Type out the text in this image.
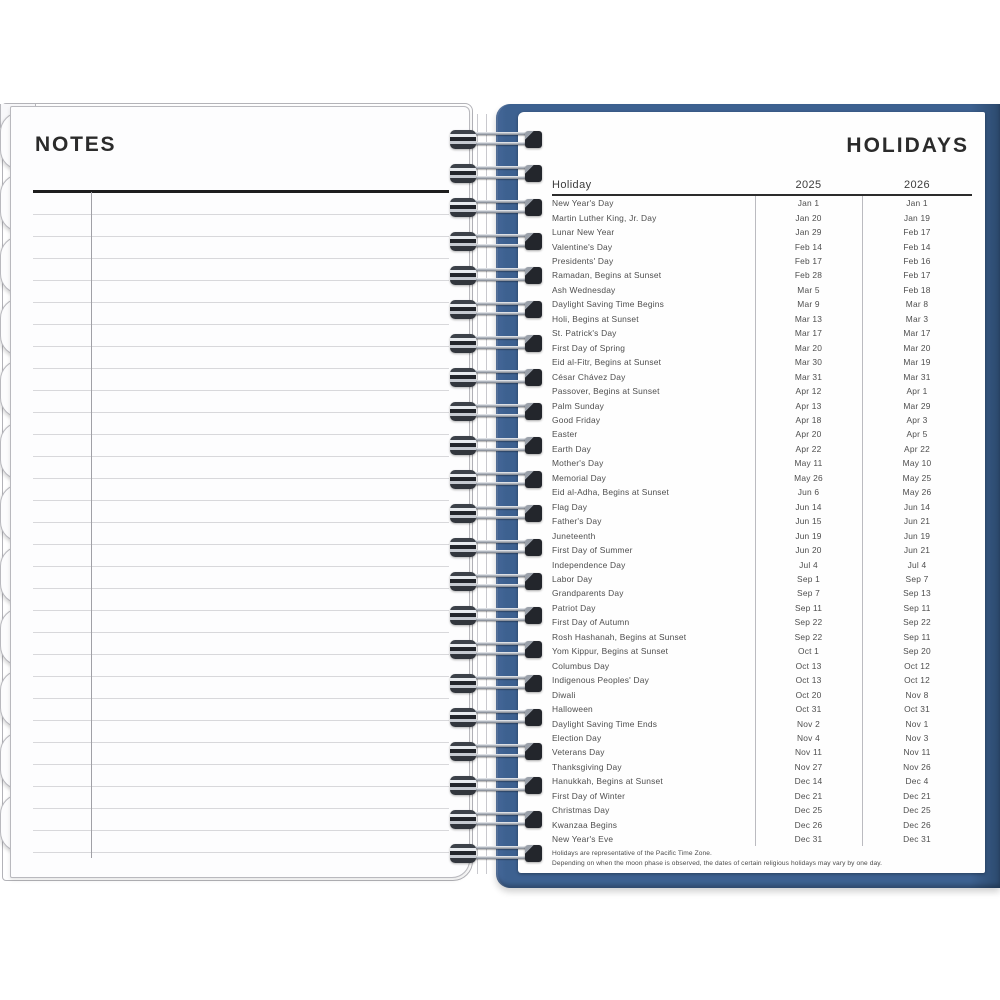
NOTES	HOLIDAYS
Holiday	2025	2026
New Year's Day	Jan 1	Jan 1
Martin Luther King, Jr. Day	Jan 20	Jan 19
Lunar New Year	Jan 29	Feb 17
Valentine's Day	Feb 14	Feb 14
Presidents' Day	Feb 17	Feb 16
Ramadan, Begins at Sunset	Feb 28	Feb 17
Ash Wednesday	Mar 5	Feb 18
Daylight Saving Time Begins	Mar 9	Mar 8
Holi, Begins at Sunset	Mar 13	Mar 3
St. Patrick's Day	Mar 17	Mar 17
First Day of Spring	Mar 20	Mar 20
Eid al-Fitr, Begins at Sunset	Mar 30	Mar 19
César Chávez Day	Mar 31	Mar 31
Passover, Begins at Sunset	Apr 12	Apr 1
Palm Sunday	Apr 13	Mar 29
Good Friday	Apr 18	Apr 3
Easter	Apr 20	Apr 5
Earth Day	Apr 22	Apr 22
Mother's Day	May 11	May 10
Memorial Day	May 26	May 25
Eid al-Adha, Begins at Sunset	Jun 6	May 26
Flag Day	Jun 14	Jun 14
Father's Day	Jun 15	Jun 21
Juneteenth	Jun 19	Jun 19
First Day of Summer	Jun 20	Jun 21
Independence Day	Jul 4	Jul 4
Labor Day	Sep 1	Sep 7
Grandparents Day	Sep 7	Sep 13
Patriot Day	Sep 11	Sep 11
First Day of Autumn	Sep 22	Sep 22
Rosh Hashanah, Begins at Sunset	Sep 22	Sep 11
Yom Kippur, Begins at Sunset	Oct 1	Sep 20
Columbus Day	Oct 13	Oct 12
Indigenous Peoples' Day	Oct 13	Oct 12
Diwali	Oct 20	Nov 8
Halloween	Oct 31	Oct 31
Daylight Saving Time Ends	Nov 2	Nov 1
Election Day	Nov 4	Nov 3
Veterans Day	Nov 11	Nov 11
Thanksgiving Day	Nov 27	Nov 26
Hanukkah, Begins at Sunset	Dec 14	Dec 4
First Day of Winter	Dec 21	Dec 21
Christmas Day	Dec 25	Dec 25
Kwanzaa Begins	Dec 26	Dec 26
New Year's Eve	Dec 31	Dec 31
Holidays are representative of the Pacific Time Zone.
Depending on when the moon phase is observed, the dates of certain religious holidays may vary by one day.
